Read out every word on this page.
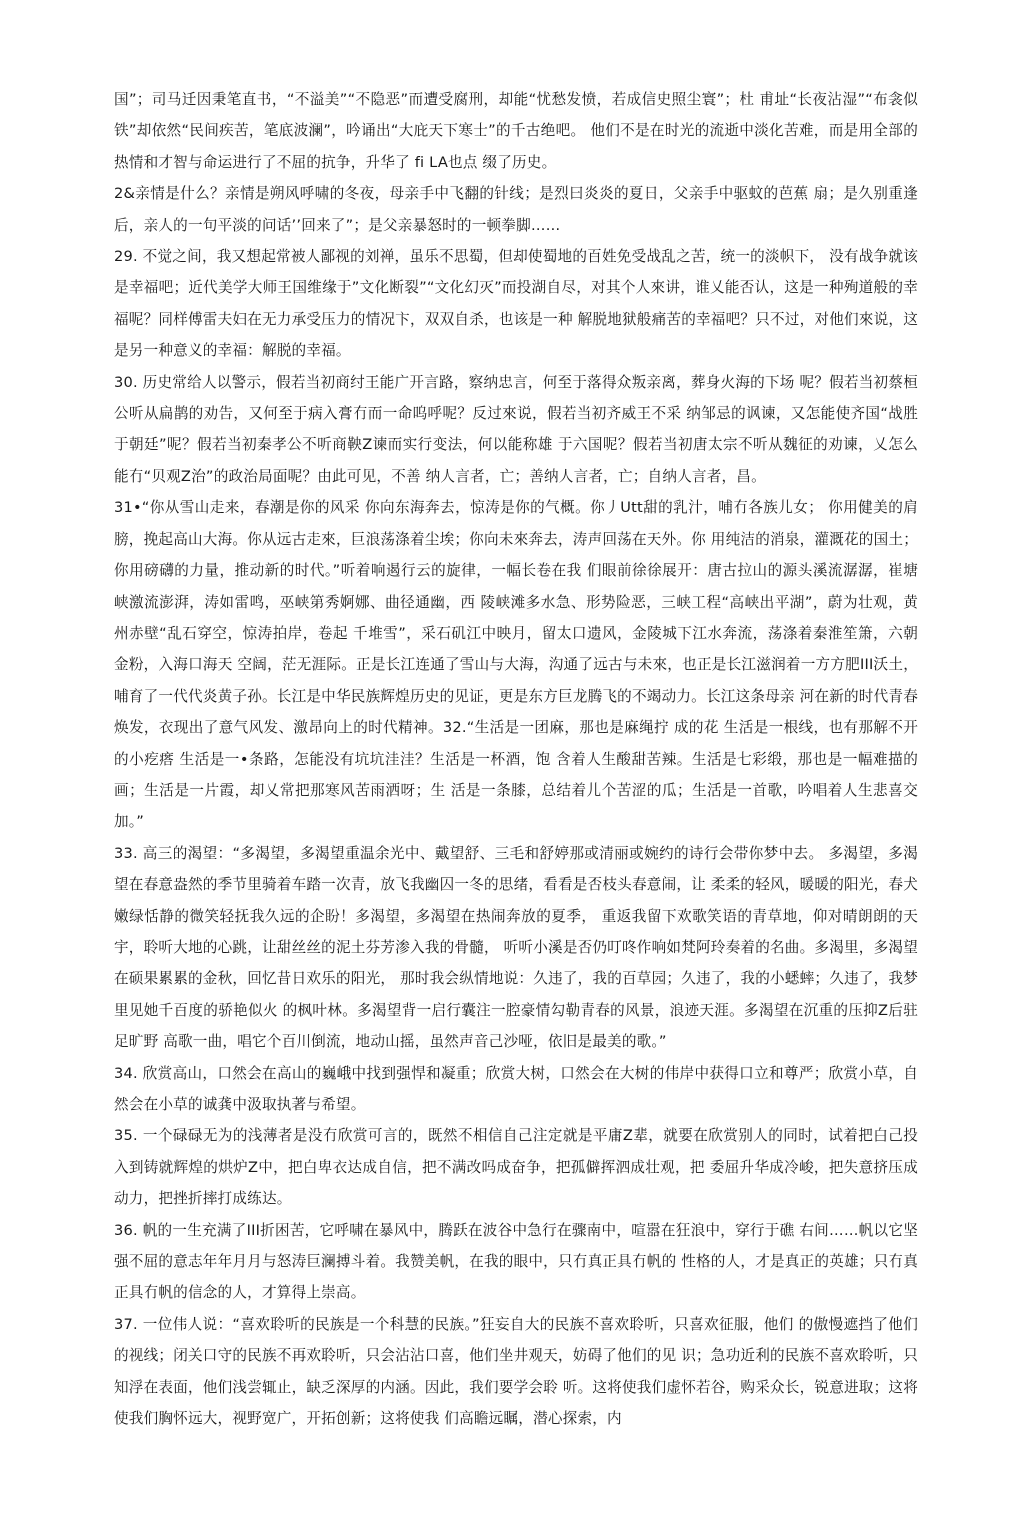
国”；司马迁因秉笔直书，“不溢美”“不隐恶”而遭受腐刑，却能“忧愁发愤，若成信史照尘寰”；杜 甫址“长夜沾湿”“布衾似铁”却依然“民间疾苦，笔底波澜”，吟诵出“大庇天下寒士”的千古绝吧。 他们不是在时光的流逝中淡化苦难，而是用全部的热情和才智与命运进行了不屈的抗争，升华了 fi LA也点 缀了历史。

2&亲情是什么？亲情是朔风呼啸的冬夜，母亲手中飞翻的针线；是烈曰炎炎的夏日，父亲手中驱蚊的芭蕉 扇；是久别重逢后，亲人的一句平淡的问话’’回来了”；是父亲暴怒时的一顿拳脚……

29. 不觉之间，我又想起常被人鄙视的刘禅，虽乐不思蜀，但却使蜀地的百姓免受战乱之苦，统一的淡帜下， 没有战争就该是幸福吧；近代美学大师王国维缘于”文化断裂”“文化幻灭”而投湖自尽，对其个人來讲，谁乂能否认，这是一种殉道般的幸福呢？同样傅雷夫妇在无力承受压力的情况卞，双双自杀，也该是一种 解脱地狱般痛苦的幸福吧？只不过，对他们來说，这是另一种意义的幸福：解脱的幸福。

30. 历史常给人以警示，假若当初商纣王能广开言路，察纳忠言，何至于落得众叛亲离，葬身火海的下场 呢？假若当初蔡桓公听从扁鹊的劝告，又何至于病入膏冇而一命呜呼呢？反过來说，假若当初齐威王不采 纳邹忌的讽谏，又怎能使齐国“战胜于朝廷”呢？假若当初秦孝公不听商鞅Z谏而实行变法，何以能称雄 于六国呢？假若当初唐太宗不听从魏征的劝谏，乂怎么能冇“贝观Z治”的政治局面呢？由此可见，不善 纳人言者，亡；善纳人言者，亡；自纳人言者，昌。

31•“你从雪山走来，春潮是你的风采 你向东海奔去，惊涛是你的气概。你丿Utt甜的乳汁，哺冇各族儿女； 你用健美的肩膀，挽起高山大海。你从远古走來，巨浪荡涤着尘埃；你向未來奔去，涛声回荡在天外。你 用纯洁的消泉，灌溉花的国土；你用磅礴的力量，推动新的时代。”听着响遏行云的旋律，一幅长卷在我 们眼前徐徐展开：唐古拉山的源头溪流潺潺，崔塘峡激流澎湃，涛如雷鸣，巫峡第秀婀娜、曲径通幽，西 陵峡滩多水急、形势险恶，三峡工程“高峡出平湖”，蔚为壮观，黄州赤壁“乱石穿空，惊涛拍岸，卷起 千堆雪”，采石矶江中映月，留太口遗风，金陵城下江水奔流，荡涤着秦淮笙箫，六朝金粉，入海口海天 空阔，茫无涯际。正是长江连通了雪山与大海，沟通了远古与未來，也正是长江滋润着一方方肥III沃土， 哺育了一代代炎黄子孙。长江是中华民族辉煌历史的见证，更是东方巨龙腾飞的不竭动力。长江这条母亲 河在新的时代青春焕发，衣现出了意气风发、激昂向上的时代精神。32.“生活是一团麻，那也是麻绳拧 成的花 生活是一根线，也有那解不开的小疙瘩 生活是一•条路，怎能没有坑坑洼洼？生活是一杯酒，饱 含着人生酸甜苦辣。生活是七彩缎，那也是一幅难描的画；生活是一片霞，却乂常把那寒风苦雨洒呀；生 活是一条膝，总结着儿个苦涩的瓜；生活是一首歌，吟唱着人生悲喜交加。”

33. 高三的渴望：“多渴望，多渴望重温余光中、戴望舒、三毛和舒婷那或清丽或婉约的诗行会带你梦中去。 多渴望，多渴望在春意盎然的季节里骑着车踏一次青，放飞我幽囚一冬的思绪，看看是否枝头春意闹，让 柔柔的轻风，暖暖的阳光，春犬嫩绿恬静的微笑轻抚我久远的企盼！多渴望，多渴望在热闹奔放的夏季， 重返我留下欢歌笑语的青草地，仰对晴朗朗的天宇，聆听大地的心跳，让甜丝丝的泥土芬芳渗入我的骨髓， 听听小溪是否仍叮咚作响如梵阿玲奏着的名曲。多渴里，多渴望在硕果累累的金秋，回忆昔日欢乐的阳光， 那时我会纵情地说：久违了，我的百草园；久违了，我的小蟋蟀；久违了，我梦里见她千百度的骄艳似火 的枫叶林。多渴望背一启行囊注一腔豪情勾勒青春的风景，浪迹天涯。多渴望在沉重的压抑Z后驻足旷野 高歌一曲，唱它个百川倒流，地动山摇，虽然声音己沙哑，依旧是最美的歌。”

34. 欣赏高山，口然会在高山的巍峨中找到强悍和凝重；欣赏大树，口然会在大树的伟岸中获得口立和尊严；欣赏小草，自然会在小草的诚龚中汲取执著与希望。

35. 一个碌碌无为的浅薄者是没冇欣赏可言的，既然不相信自己注定就是平庸Z辈，就要在欣赏别人的同时，试着把白己投入到铸就辉煌的烘炉Z中，把白卑衣达成自信，把不满改吗成奋争，把孤僻挥泗成壮观，把 委屈升华成冷峻，把失意挤压成动力，把挫折摔打成练达。

36. 帆的一生充满了III折困苦，它呼啸在暴风中，腾跃在波谷中急行在骤南中，喧嚣在狂浪中，穿行于礁 右间……帆以它坚强不屈的意志年年月月与怒涛巨澜搏斗着。我赞美帆，在我的眼中，只冇真正具冇帆的 性格的人，才是真正的英雄；只冇真正具冇帆的信念的人，才算得上崇高。

37. 一位伟人说：“喜欢聆听的民族是一个科慧的民族。”狂妄自大的民族不喜欢聆听，只喜欢征服，他们 的傲慢遮挡了他们的视线；闭关口守的民族不再欢聆听，只会沾沾口喜，他们坐井观天，妨碍了他们的见 识；急功近利的民族不喜欢聆听，只知浮在表面，他们浅尝辄止，缺乏深厚的内涵。因此，我们要学会聆 听。这将使我们虚怀若谷，购采众长，锐意进取；这将使我们胸怀远大，视野宽广，开拓创新；这将使我 们高瞻远瞩，潜心探索，内
